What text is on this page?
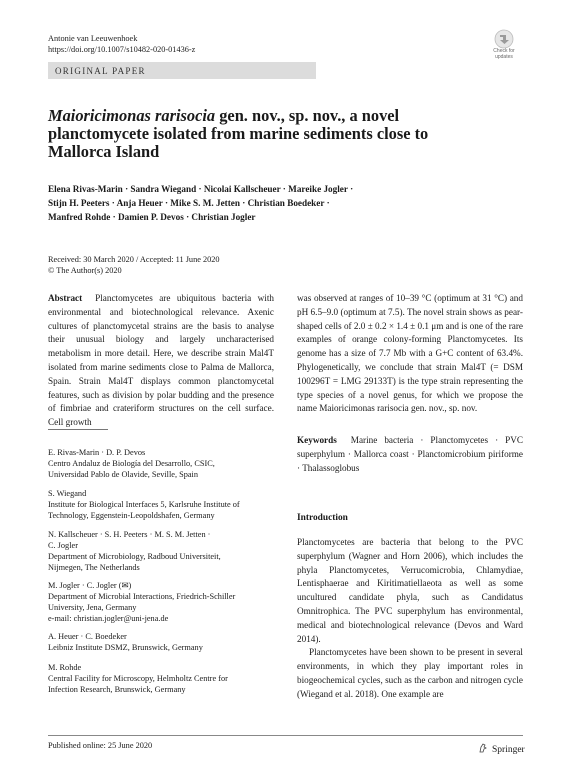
Antonie van Leeuwenhoek
https://doi.org/10.1007/s10482-020-01436-z	Check for
updates
ORIGINAL PAPER
Maioricimonas rarisocia gen. nov., sp. nov., a novel planctomycete isolated from marine sediments close to Mallorca Island
Elena Rivas-Marin · Sandra Wiegand · Nicolai Kallscheuer · Mareike Jogler ·
Stijn H. Peeters · Anja Heuer · Mike S. M. Jetten · Christian Boedeker ·
Manfred Rohde · Damien P. Devos · Christian Jogler
Received: 30 March 2020 / Accepted: 11 June 2020
© The Author(s) 2020
Abstract Planctomycetes are ubiquitous bacteria with environmental and biotechnological relevance. Axenic cultures of planctomycetal strains are the basis to analyse their unusual biology and largely uncharacterised metabolism in more detail. Here, we describe strain Mal4T isolated from marine sediments close to Palma de Mallorca, Spain. Strain Mal4T displays common planctomycetal features, such as division by polar budding and the presence of fimbriae and crateriform structures on the cell surface. Cell growth
was observed at ranges of 10–39 °C (optimum at 31 °C) and pH 6.5–9.0 (optimum at 7.5). The novel strain shows as pear-shaped cells of 2.0 ± 0.2 × 1.4 ± 0.1 μm and is one of the rare examples of orange colony-forming Planctomycetes. Its genome has a size of 7.7 Mb with a G+C content of 63.4%. Phylogenetically, we conclude that strain Mal4T (= DSM 100296T = LMG 29133T) is the type strain representing the type species of a novel genus, for which we propose the name Maioricimonas rarisocia gen. nov., sp. nov.
Keywords Marine bacteria · Planctomycetes · PVC superphylum · Mallorca coast · Planctomicrobium piriforme · Thalassoglobus
E. Rivas-Marin · D. P. Devos
Centro Andaluz de Biología del Desarrollo, CSIC,
Universidad Pablo de Olavide, Seville, Spain
S. Wiegand
Institute for Biological Interfaces 5, Karlsruhe Institute of
Technology, Eggenstein-Leopoldshafen, Germany
N. Kallscheuer · S. H. Peeters · M. S. M. Jetten ·
C. Jogler
Department of Microbiology, Radboud Universiteit,
Nijmegen, The Netherlands
M. Jogler · C. Jogler (✉)
Department of Microbial Interactions, Friedrich-Schiller
University, Jena, Germany
e-mail: christian.jogler@uni-jena.de
A. Heuer · C. Boedeker
Leibniz Institute DSMZ, Brunswick, Germany
M. Rohde
Central Facility for Microscopy, Helmholtz Centre for
Infection Research, Brunswick, Germany
Introduction
Planctomycetes are bacteria that belong to the PVC superphylum (Wagner and Horn 2006), which includes the phyla Planctomycetes, Verrucomicrobia, Chlamydiae, Lentisphaerae and Kiritimatiellaeota as well as some uncultured candidate phyla, such as Candidatus Omnitrophica. The PVC superphylum has environmental, medical and biotechnological relevance (Devos and Ward 2014).
Planctomycetes have been shown to be present in several environments, in which they play important roles in biogeochemical cycles, such as the carbon and nitrogen cycle (Wiegand et al. 2018). One example are
Published online: 25 June 2020	Springer
